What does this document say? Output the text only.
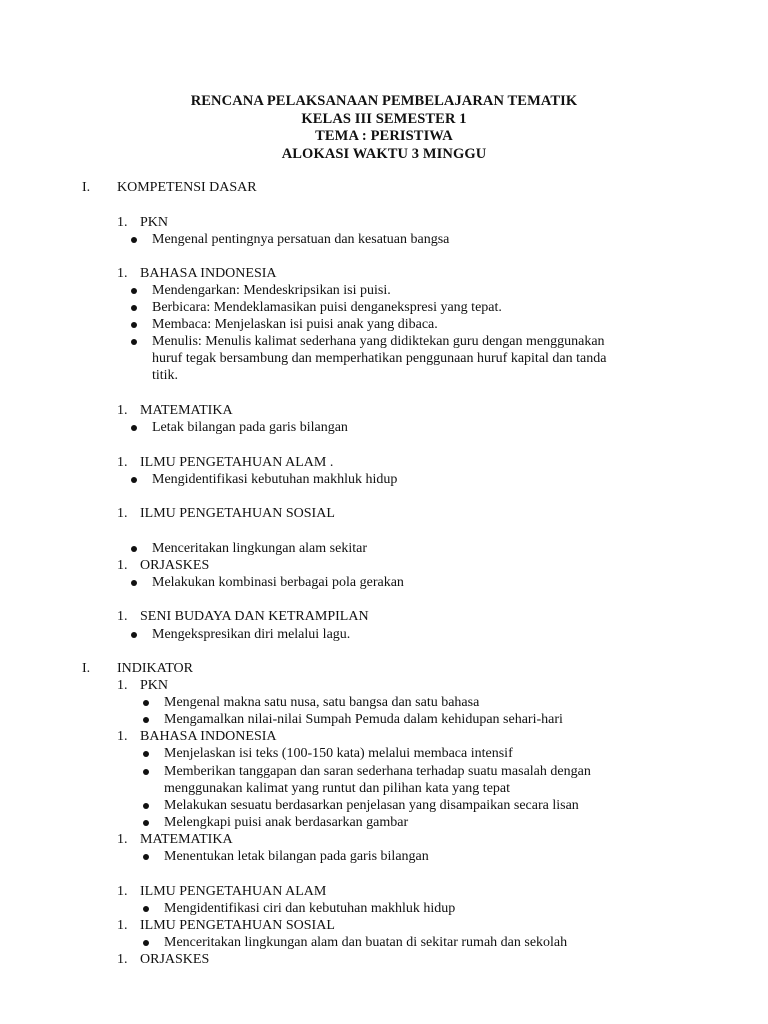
RENCANA PELAKSANAAN PEMBELAJARAN TEMATIK
KELAS III SEMESTER 1
TEMA : PERISTIWA
ALOKASI WAKTU 3 MINGGU
I. KOMPETENSI DASAR
1. PKN
Mengenal pentingnya persatuan dan kesatuan bangsa
1. BAHASA INDONESIA
Mendengarkan: Mendeskripsikan isi puisi.
Berbicara: Mendeklamasikan puisi denganekspresi yang tepat.
Membaca: Menjelaskan isi puisi anak yang dibaca.
Menulis: Menulis kalimat sederhana yang didiktekan guru dengan menggunakan
huruf tegak bersambung dan memperhatikan penggunaan huruf kapital dan tanda
titik.
1. MATEMATIKA
Letak bilangan pada garis bilangan
1. ILMU PENGETAHUAN ALAM .
Mengidentifikasi kebutuhan makhluk hidup
1. ILMU PENGETAHUAN SOSIAL
Menceritakan lingkungan alam sekitar
1. ORJASKES
Melakukan kombinasi berbagai pola gerakan
1. SENI BUDAYA DAN KETRAMPILAN
Mengekspresikan diri melalui lagu.
I. INDIKATOR
1. PKN
Mengenal makna satu nusa, satu bangsa dan satu bahasa
Mengamalkan nilai-nilai Sumpah Pemuda dalam kehidupan sehari-hari
1. BAHASA INDONESIA
Menjelaskan isi teks (100-150 kata) melalui membaca intensif
Memberikan tanggapan dan saran sederhana terhadap suatu masalah dengan
menggunakan kalimat yang runtut dan pilihan kata yang tepat
Melakukan sesuatu berdasarkan penjelasan yang disampaikan secara lisan
Melengkapi puisi anak berdasarkan gambar
1. MATEMATIKA
Menentukan letak bilangan pada garis bilangan
1. ILMU PENGETAHUAN ALAM
Mengidentifikasi ciri dan kebutuhan makhluk hidup
1. ILMU PENGETAHUAN SOSIAL
Menceritakan lingkungan alam dan buatan di sekitar rumah dan sekolah
1. ORJASKES
